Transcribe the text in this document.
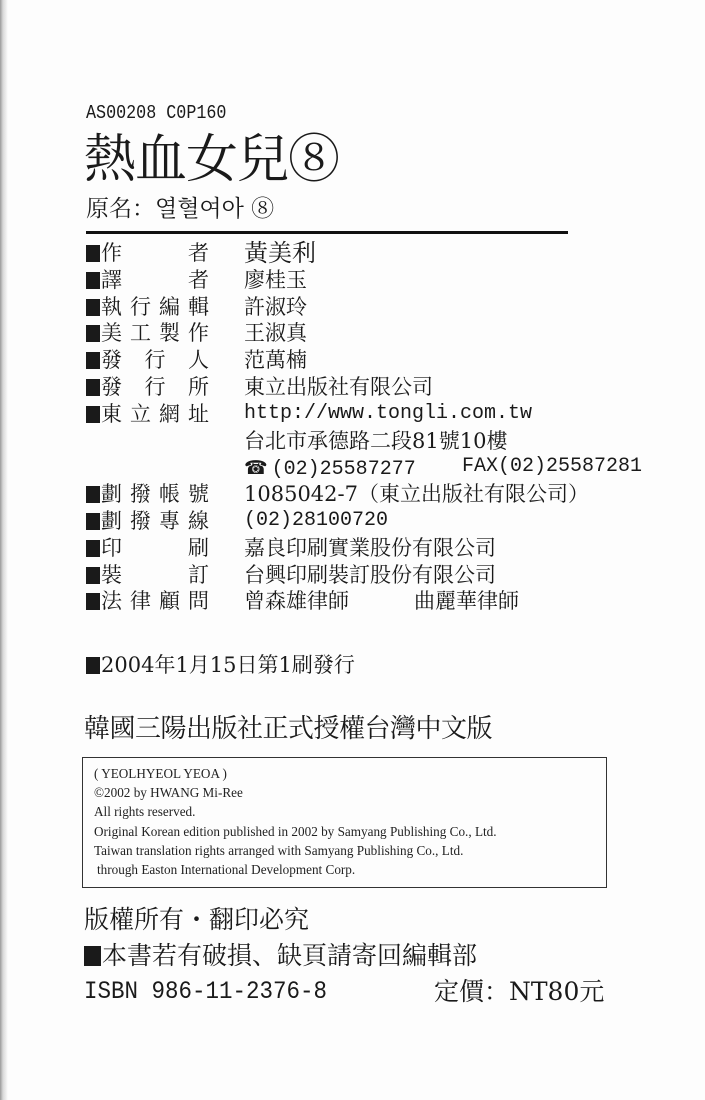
AS00208 C0P160
熱血女兒⑧
原名：열혈여아 ⑧
作　者 黃美利
譯　者 廖桂玉
執行編輯 許淑玲
美工製作 王淑真
發行人 范萬楠
發行所 東立出版社有限公司
東立網址 http://www.tongli.com.tw
台北市承德路二段81號10樓
☎ (02)25587277 FAX(02)25587281
劃撥帳號 1085042-7（東立出版社有限公司）
劃撥專線 (02)28100720
印　刷 嘉良印刷實業股份有限公司
裝　訂 台興印刷裝訂股份有限公司
法律顧問 曾森雄律師	曲麗華律師
2004年1月15日第1刷發行
韓國三陽出版社正式授權台灣中文版
( YEOLHYEOL YEOA )
©2002 by HWANG Mi-Ree
All rights reserved.
Original Korean edition published in 2002 by Samyang Publishing Co., Ltd.
Taiwan translation rights arranged with Samyang Publishing Co., Ltd.
through Easton International Development Corp.
版權所有・翻印必究
本書若有破損、缺頁請寄回編輯部
ISBN 986-11-2376-8	定價：NT80元
